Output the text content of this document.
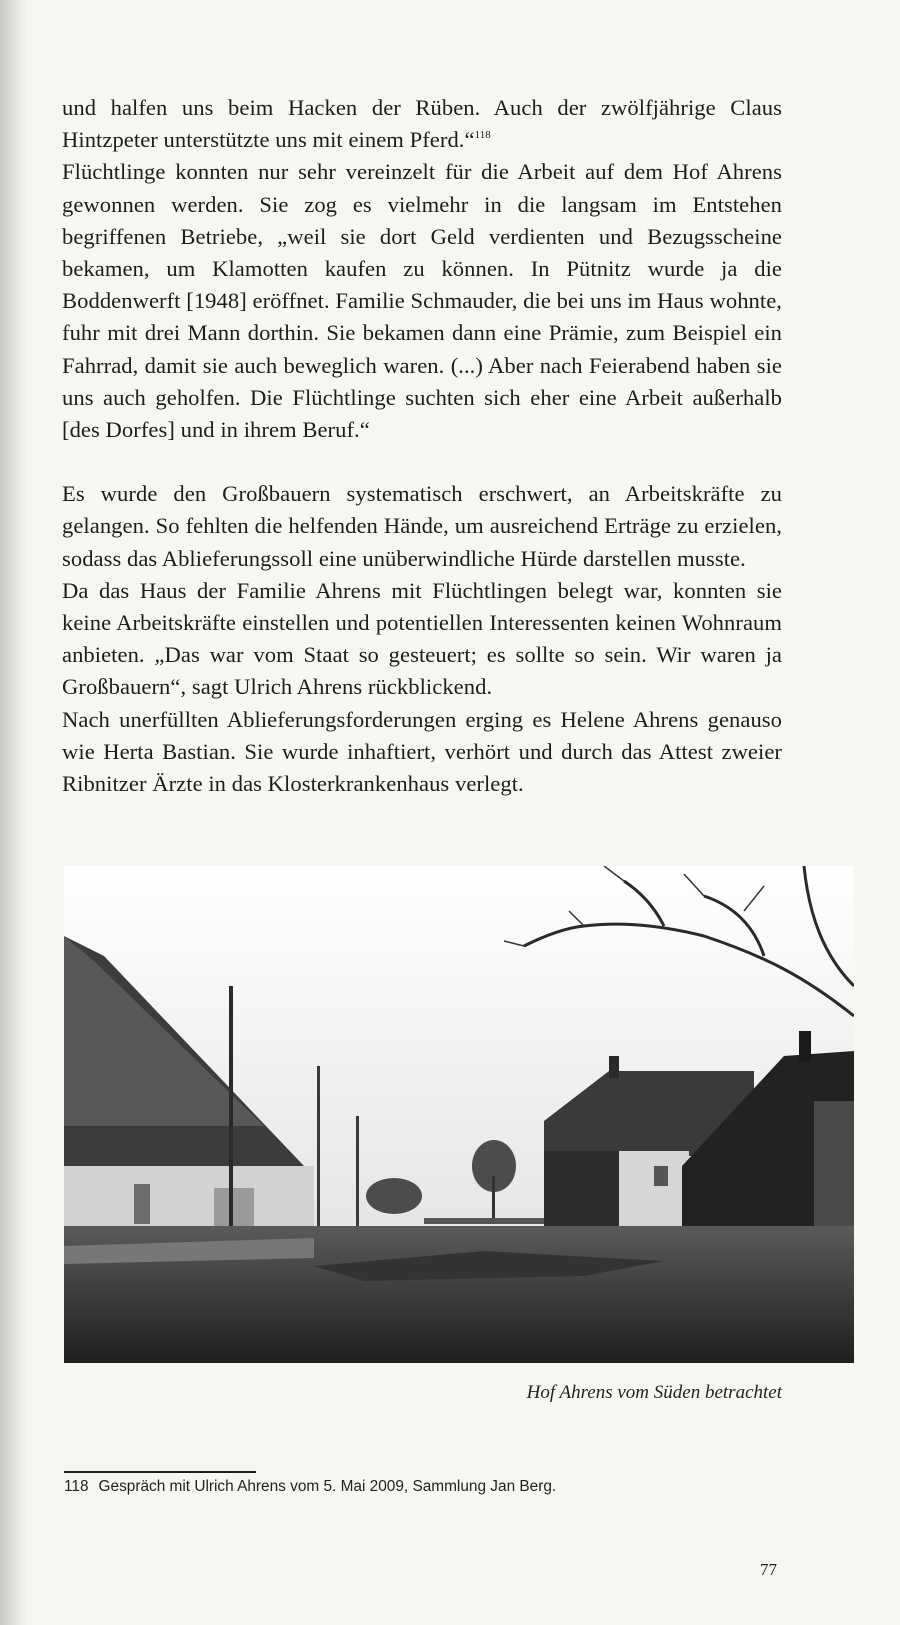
und halfen uns beim Hacken der Rüben. Auch der zwölfjährige Claus Hintzpeter unterstützte uns mit einem Pferd.“$^{118}$

Flüchtlinge konnten nur sehr vereinzelt für die Arbeit auf dem Hof Ahrens gewonnen werden. Sie zog es vielmehr in die langsam im Entstehen begriffenen Betriebe, „weil sie dort Geld verdienten und Bezugsscheine bekamen, um Klamotten kaufen zu können. In Pütnitz wurde ja die Boddenwerft [1948] eröffnet. Familie Schmauder, die bei uns im Haus wohnte, fuhr mit drei Mann dorthin. Sie bekamen dann eine Prämie, zum Beispiel ein Fahrrad, damit sie auch beweglich waren. (...) Aber nach Feierabend haben sie uns auch geholfen. Die Flüchtlinge suchten sich eher eine Arbeit außerhalb [des Dorfes] und in ihrem Beruf.“

Es wurde den Großbauern systematisch erschwert, an Arbeitskräfte zu gelangen. So fehlten die helfenden Hände, um ausreichend Erträge zu erzielen, sodass das Ablieferungssoll eine unüberwindliche Hürde darstellen musste.

Da das Haus der Familie Ahrens mit Flüchtlingen belegt war, konnten sie keine Arbeitskräfte einstellen und potentiellen Interessenten keinen Wohnraum anbieten. „Das war vom Staat so gesteuert; es sollte so sein. Wir waren ja Großbauern“, sagt Ulrich Ahrens rückblickend.

Nach unerfüllten Ablieferungsforderungen erging es Helene Ahrens genauso wie Herta Bastian. Sie wurde inhaftiert, verhört und durch das Attest zweier Ribnitzer Ärzte in das Klosterkrankenhaus verlegt.

Hof Ahrens vom Süden betrachtet
118 Gespräch mit Ulrich Ahrens vom 5. Mai 2009, Sammlung Jan Berg.
77
